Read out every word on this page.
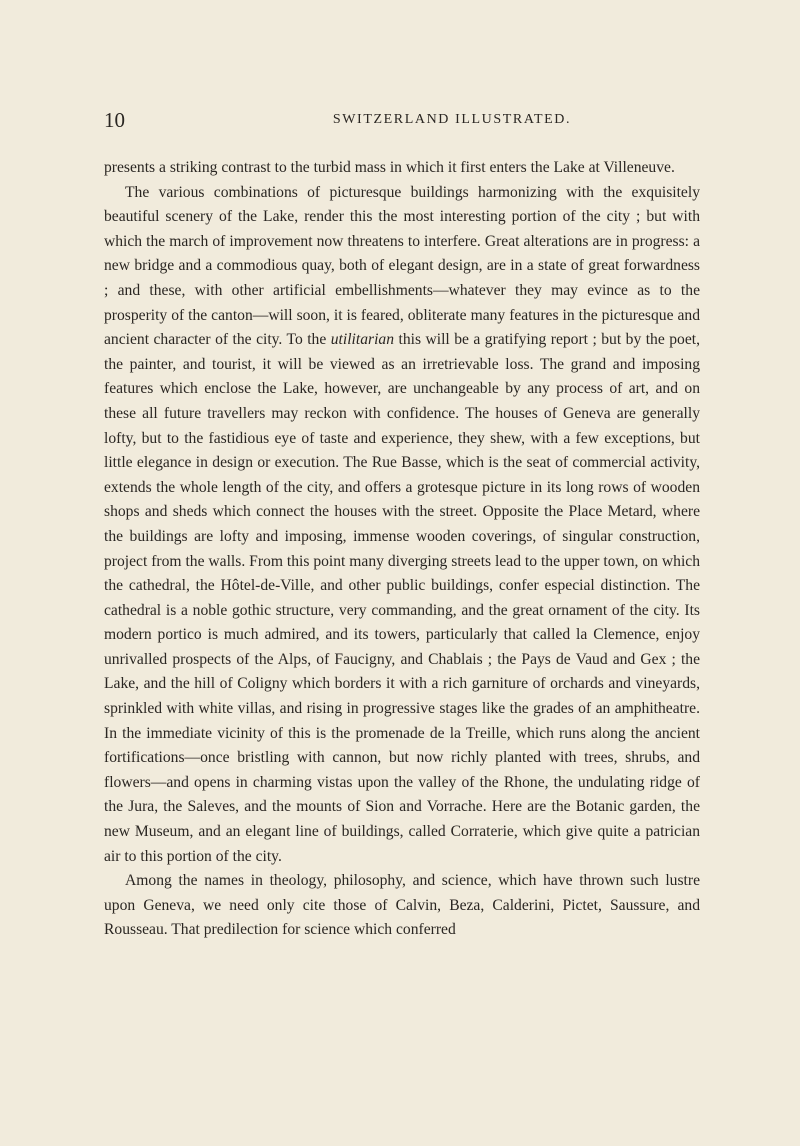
10	SWITZERLAND ILLUSTRATED.

presents a striking contrast to the turbid mass in which it first enters the Lake at Villeneuve.

The various combinations of picturesque buildings harmonizing with the exquisitely beautiful scenery of the Lake, render this the most interesting portion of the city ; but with which the march of improvement now threatens to interfere. Great alterations are in progress: a new bridge and a commodious quay, both of elegant design, are in a state of great forwardness ; and these, with other artificial embellishments—whatever they may evince as to the prosperity of the canton—will soon, it is feared, obliterate many features in the picturesque and ancient character of the city. To the utilitarian this will be a gratifying report ; but by the poet, the painter, and tourist, it will be viewed as an irretrievable loss. The grand and imposing features which enclose the Lake, however, are unchangeable by any process of art, and on these all future travellers may reckon with confidence. The houses of Geneva are generally lofty, but to the fastidious eye of taste and experience, they shew, with a few exceptions, but little elegance in design or execution. The Rue Basse, which is the seat of commercial activity, extends the whole length of the city, and offers a grotesque picture in its long rows of wooden shops and sheds which connect the houses with the street. Opposite the Place Metard, where the buildings are lofty and imposing, immense wooden coverings, of singular construction, project from the walls. From this point many diverging streets lead to the upper town, on which the cathedral, the Hôtel-de-Ville, and other public buildings, confer especial distinction. The cathedral is a noble gothic structure, very commanding, and the great ornament of the city. Its modern portico is much admired, and its towers, particularly that called la Clemence, enjoy unrivalled prospects of the Alps, of Faucigny, and Chablais ; the Pays de Vaud and Gex ; the Lake, and the hill of Coligny which borders it with a rich garniture of orchards and vineyards, sprinkled with white villas, and rising in progressive stages like the grades of an amphitheatre. In the immediate vicinity of this is the promenade de la Treille, which runs along the ancient fortifications—once bristling with cannon, but now richly planted with trees, shrubs, and flowers—and opens in charming vistas upon the valley of the Rhone, the undulating ridge of the Jura, the Saleves, and the mounts of Sion and Vorrache. Here are the Botanic garden, the new Museum, and an elegant line of buildings, called Corraterie, which give quite a patrician air to this portion of the city.

Among the names in theology, philosophy, and science, which have thrown such lustre upon Geneva, we need only cite those of Calvin, Beza, Calderini, Pictet, Saussure, and Rousseau. That predilection for science which conferred
